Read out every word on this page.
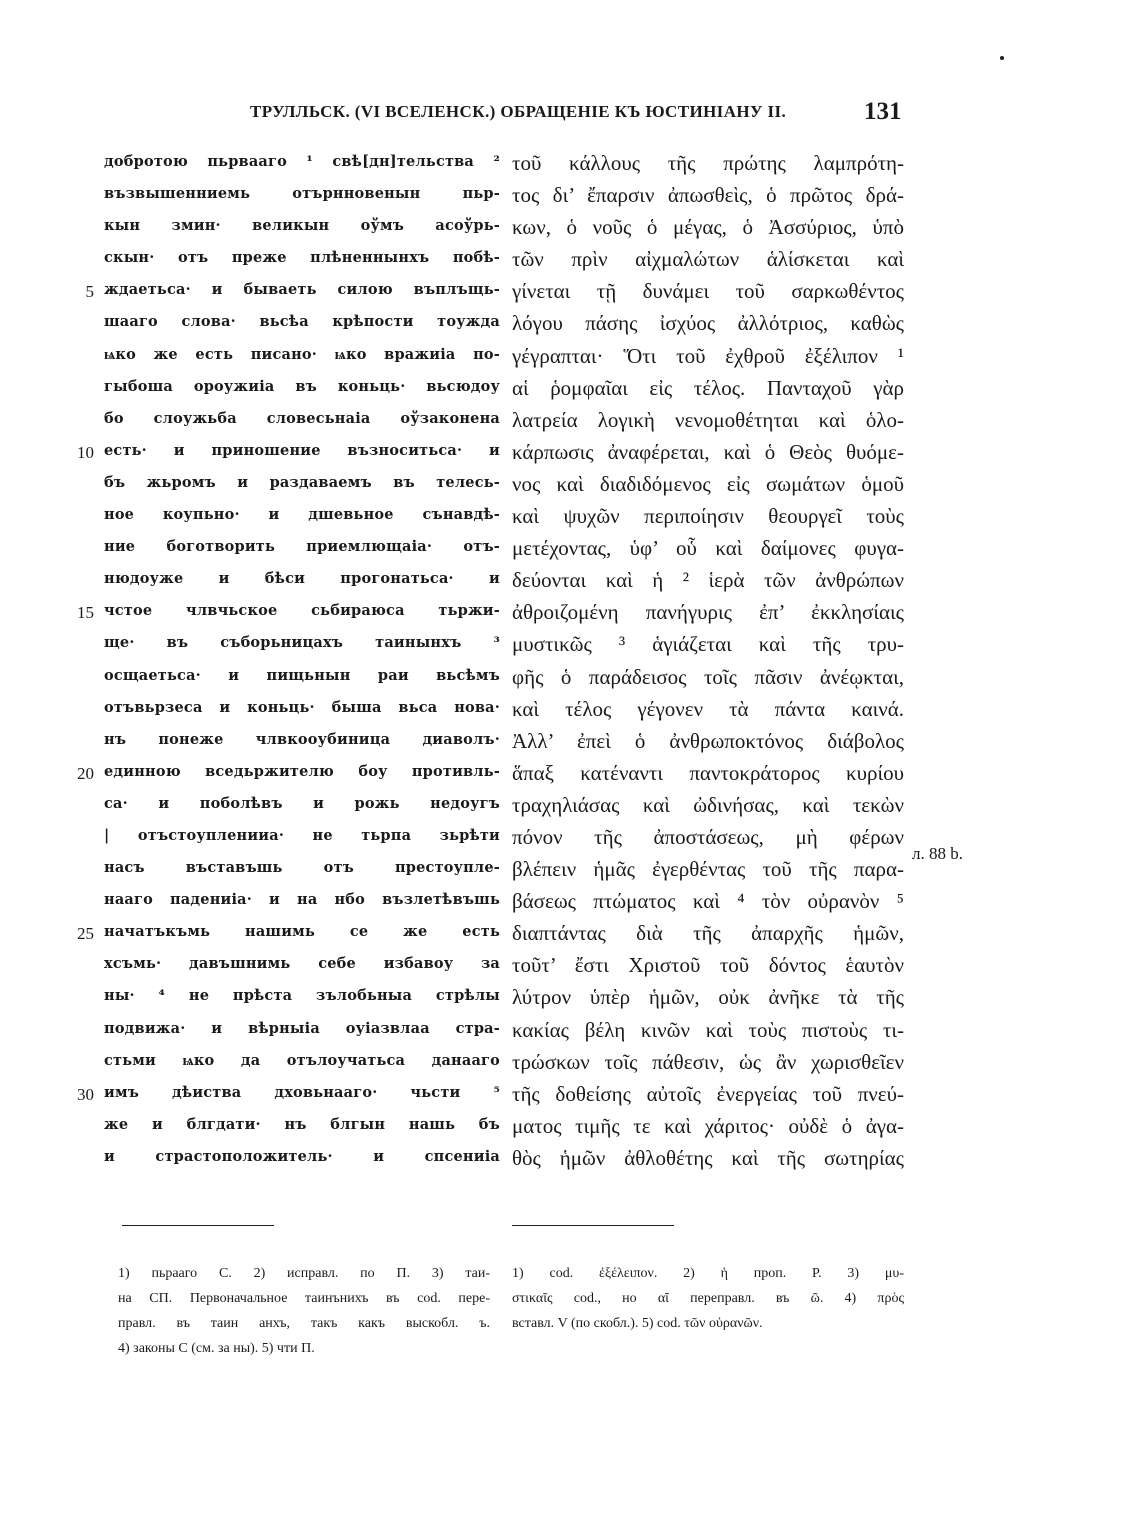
ТРУЛЛЬСК. (VI ВСЕЛЕНСК.) ОБРАЩЕНІЕ КЪ ЮСТИНІАНУ II.	131
добротою пьрвааго ¹ свѣ[дн]тельства ²
възвышенниемь отърнновенын пьр-
кын змин· великын оўмъ асоўрь-
скын· отъ преже плѣненнынхъ побѣ-
5 ждаетьса· и бываеть силою въплъщь-
шааго слова· вьсѣа крѣпости тоужда
ѩко же есть писано· ѩко вражиіа по-
гыбоша ороужиіа въ коньць· вьсюдоу
бо слоужьба словесьнаіа оўзаконена
10 есть· и приношение възноситьса· и
бъ жьромъ и раздаваемъ въ телесь-
ное коупьно· и дшевьное сънавдѣ-
ние боготворить приемлющаіа· отъ-
нюдоуже и бѣси прогонатьса· и
15 чстое члвчьское сьбираюса тьржи-
ще· въ съборьницахъ таинынхъ ³
осщаетьса· и пищьнын раи вьсѣмъ
отъвьрзеса и коньць· быша вьса нова·
нъ понеже члвкооубиница диаволъ·
20 единною вседьржителю боу противль-
са· и поболѣвъ и рожь недоугъ
| отъстоупленииа· не тьрпа зьрѣти
насъ въставъшь отъ престоупле-
нааго падениіа· и на нбо възлетѣвъшь
25 начатъкъмь нашимь се же есть
хсъмь· давъшнимь себе избавоу за
ны· ⁴ не прѣста зълобьныа стрѣлы
подвижа· и вѣрныіа оуіазвлаа стра-
стьми ѩко да отълоучатьса данааго
30 имъ дѣиства дховьнааго· чьсти ⁵
же и блгдати· нъ блгын нашь бъ
и страстоположитель· и спсениіа
τοῦ κάλλους τῆς πρώτης λαμπρότη-
τος δι’ ἔπαρσιν ἀπωσθεὶς, ὁ πρῶτος δρά-
κων, ὁ νοῦς ὁ μέγας, ὁ Ἀσσύριος, ὑπὸ
τῶν πρὶν αἰχμαλώτων ἁλίσκεται καὶ
γίνεται τῇ δυνάμει τοῦ σαρκωθέντος
λόγου πάσης ἰσχύος ἀλλότριος, καθὼς
γέγραπται· Ὅτι τοῦ ἐχθροῦ ἐξέλιπον ¹
αἱ ῥομφαῖαι εἰς τέλος. Πανταχοῦ γὰρ
λατρεία λογικὴ νενομοθέτηται καὶ ὁλο-
κάρπωσις ἀναφέρεται, καὶ ὁ Θεὸς θυόμε-
νος καὶ διαδιδόμενος εἰς σωμάτων ὁμοῦ
καὶ ψυχῶν περιποίησιν θεουργεῖ τοὺς
μετέχοντας, ὑφ’ οὗ καὶ δαίμονες φυγα-
δεύονται καὶ ἡ ² ἱερὰ τῶν ἀνθρώπων
ἀθροιζομένη πανήγυρις ἐπ’ ἐκκλησίαις
μυστικῶς ³ ἁγιάζεται καὶ τῆς τρυ-
φῆς ὁ παράδεισος τοῖς πᾶσιν ἀνέῳκται,
καὶ τέλος γέγονεν τὰ πάντα καινά.
Ἀλλ’ ἐπεὶ ὁ ἀνθρωποκτόνος διάβολος
ἅπαξ κατέναντι παντοκράτορος κυρίου
τραχηλιάσας καὶ ὠδινήσας, καὶ τεκὼν
πόνον τῆς ἀποστάσεως, μὴ φέρων
βλέπειν ἡμᾶς ἐγερθέντας τοῦ τῆς παρα-
βάσεως πτώματος καὶ ⁴ τὸν οὐρανὸν ⁵
διαπτάντας διὰ τῆς ἀπαρχῆς ἡμῶν,
τοῦτ’ ἔστι Χριστοῦ τοῦ δόντος ἑαυτὸν
λύτρον ὑπὲρ ἡμῶν, οὐκ ἀνῆκε τὰ τῆς
κακίας βέλη κινῶν καὶ τοὺς πιστοὺς τι-
τρώσκων τοῖς πάθεσιν, ὡς ἂν χωρισθεῖεν
τῆς δοθείσης αὐτοῖς ἐνεργείας τοῦ πνεύ-
ματος τιμῆς τε καὶ χάριτος· οὐδὲ ὁ ἀγα-
θὸς ἡμῶν ἀθλοθέτης καὶ τῆς σωτηρίας
л. 88 b.
1) пьрааго С. 2) исправл. по П. 3) таи-
на СП. Первоначальное таинънихъ въ cod. пере-
правл. въ таин анхъ, такъ какъ выскобл. ъ.
4) законы С (см. за ны). 5) чти П.
1) cod. ἐξέλειπον. 2) ἡ проп. Р. 3) μυ-
στικαῖς cod., но αῖ переправл. въ ῶ. 4) πρὸς
вставл. V (по скобл.). 5) cod. τῶν οὐρανῶν.
